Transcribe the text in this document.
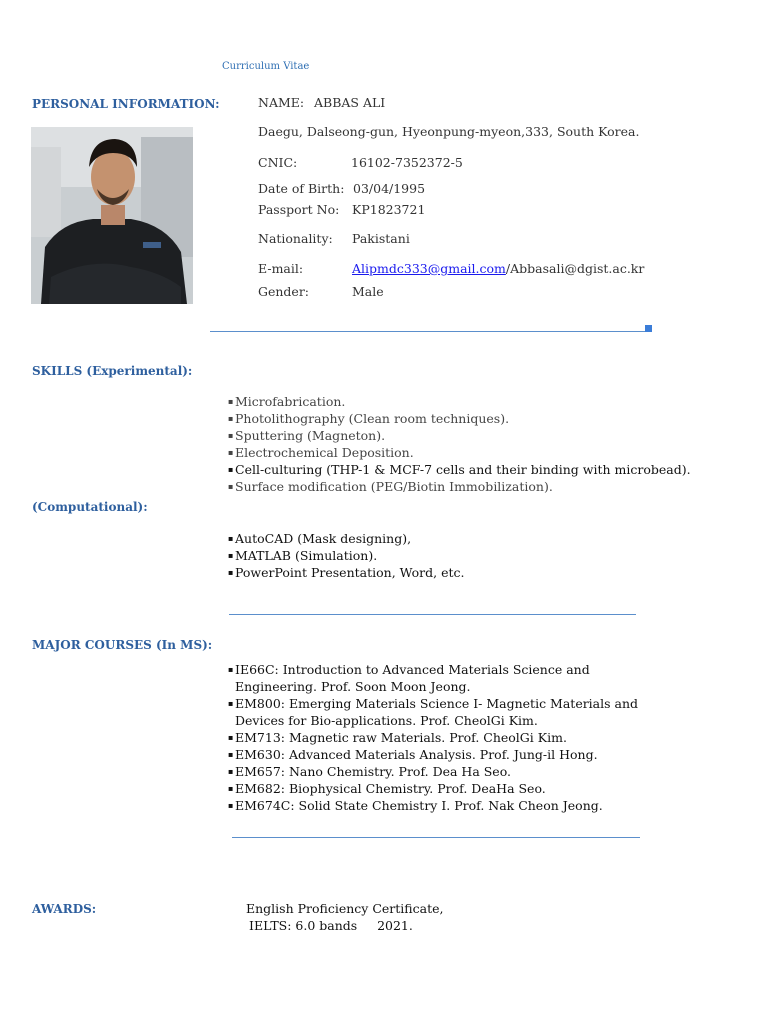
Curriculum Vitae
PERSONAL INFORMATION:	NAME: ABBAS ALI
Daegu, Dalseong-gun, Hyeonpung-myeon,333, South Korea.
CNIC:	16102-7352372-5
Date of Birth: 03/04/1995
Passport No: KP1823721
Nationality: Pakistani
E-mail:	Alipmdc333@gmail.com/Abbasali@dgist.ac.kr
Gender:	Male
SKILLS (Experimental):
▪ Microfabrication.
▪ Photolithography (Clean room techniques).
▪ Sputtering (Magneton).
▪ Electrochemical Deposition.
▪ Cell-culturing (THP-1 & MCF-7 cells and their binding with microbead).
▪ Surface modification (PEG/Biotin Immobilization).
(Computational):
▪ AutoCAD (Mask designing),
▪ MATLAB (Simulation).
▪ PowerPoint Presentation, Word, etc.
MAJOR COURSES (In MS):
▪ IE66C: Introduction to Advanced Materials Science and
Engineering. Prof. Soon Moon Jeong.
▪ EM800: Emerging Materials Science I- Magnetic Materials and
Devices for Bio-applications. Prof. CheolGi Kim.
▪ EM713: Magnetic raw Materials. Prof. CheolGi Kim.
▪ EM630: Advanced Materials Analysis. Prof. Jung-il Hong.
▪ EM657: Nano Chemistry. Prof. Dea Ha Seo.
▪ EM682: Biophysical Chemistry. Prof. DeaHa Seo.
▪ EM674C: Solid State Chemistry I. Prof. Nak Cheon Jeong.
AWARDS:	English Proficiency Certificate,
IELTS: 6.0 bands     2021.
